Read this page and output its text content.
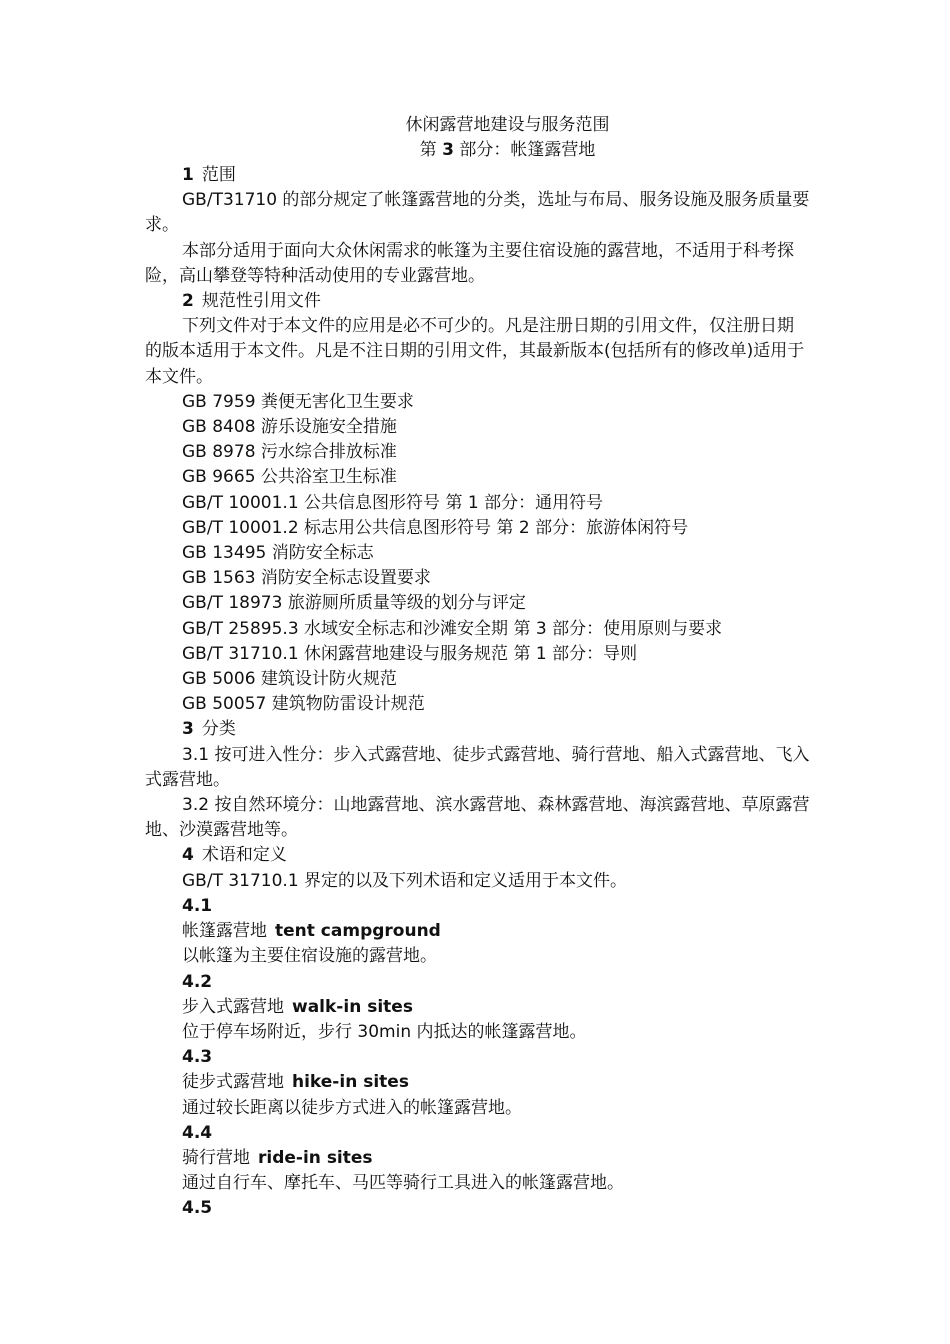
休闲露营地建设与服务范围

第 3 部分：帐篷露营地

1 范围

GB/T31710 的部分规定了帐篷露营地的分类，选址与布局、服务设施及服务质量要求。

本部分适用于面向大众休闲需求的帐篷为主要住宿设施的露营地，不适用于科考探险，高山攀登等特种活动使用的专业露营地。

2 规范性引用文件

下列文件对于本文件的应用是必不可少的。凡是注册日期的引用文件，仅注册日期的版本适用于本文件。凡是不注日期的引用文件，其最新版本(包括所有的修改单)适用于本文件。

GB 7959 粪便无害化卫生要求

GB 8408 游乐设施安全措施

GB 8978 污水综合排放标准

GB 9665 公共浴室卫生标准

GB/T 10001.1 公共信息图形符号 第 1 部分：通用符号

GB/T 10001.2 标志用公共信息图形符号 第 2 部分：旅游体闲符号

GB 13495 消防安全标志

GB 1563 消防安全标志设置要求

GB/T 18973 旅游厕所质量等级的划分与评定

GB/T 25895.3 水域安全标志和沙滩安全期 第 3 部分：使用原则与要求

GB/T 31710.1 休闲露营地建设与服务规范 第 1 部分：导则

GB 5006 建筑设计防火规范

GB 50057 建筑物防雷设计规范

3 分类

3.1 按可进入性分：步入式露营地、徒步式露营地、骑行营地、船入式露营地、飞入式露营地。

3.2 按自然环境分：山地露营地、滨水露营地、森林露营地、海滨露营地、草原露营地、沙漠露营地等。

4 术语和定义

GB/T 31710.1 界定的以及下列术语和定义适用于本文件。

4.1

帐篷露营地 tent campground

以帐篷为主要住宿设施的露营地。

4.2

步入式露营地 walk-in sites

位于停车场附近，步行 30min 内抵达的帐篷露营地。

4.3

徒步式露营地 hike-in sites

通过较长距离以徒步方式进入的帐篷露营地。

4.4

骑行营地 ride-in sites

通过自行车、摩托车、马匹等骑行工具进入的帐篷露营地。

4.5
